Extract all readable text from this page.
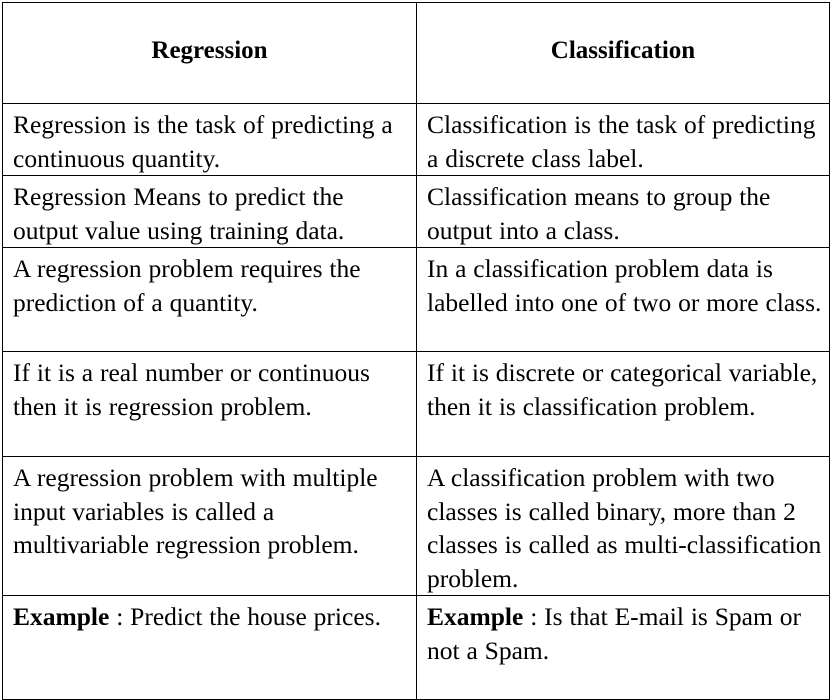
Regression	Classification

Regression is the task of predicting a continuous quantity.	Classification is the task of predicting a discrete class label.

Regression Means to predict the output value using training data.	Classification means to group the output into a class.

A regression problem requires the prediction of a quantity.	In a classification problem data is labelled into one of two or more class.

If it is a real number or continuous then it is regression problem.	If it is discrete or categorical variable, then it is classification problem.

A regression problem with multiple input variables is called a multivariable regression problem.	A classification problem with two classes is called binary, more than 2 classes is called as multi-classification problem.

Example : Predict the house prices.	Example : Is that E-mail is Spam or not a Spam.
